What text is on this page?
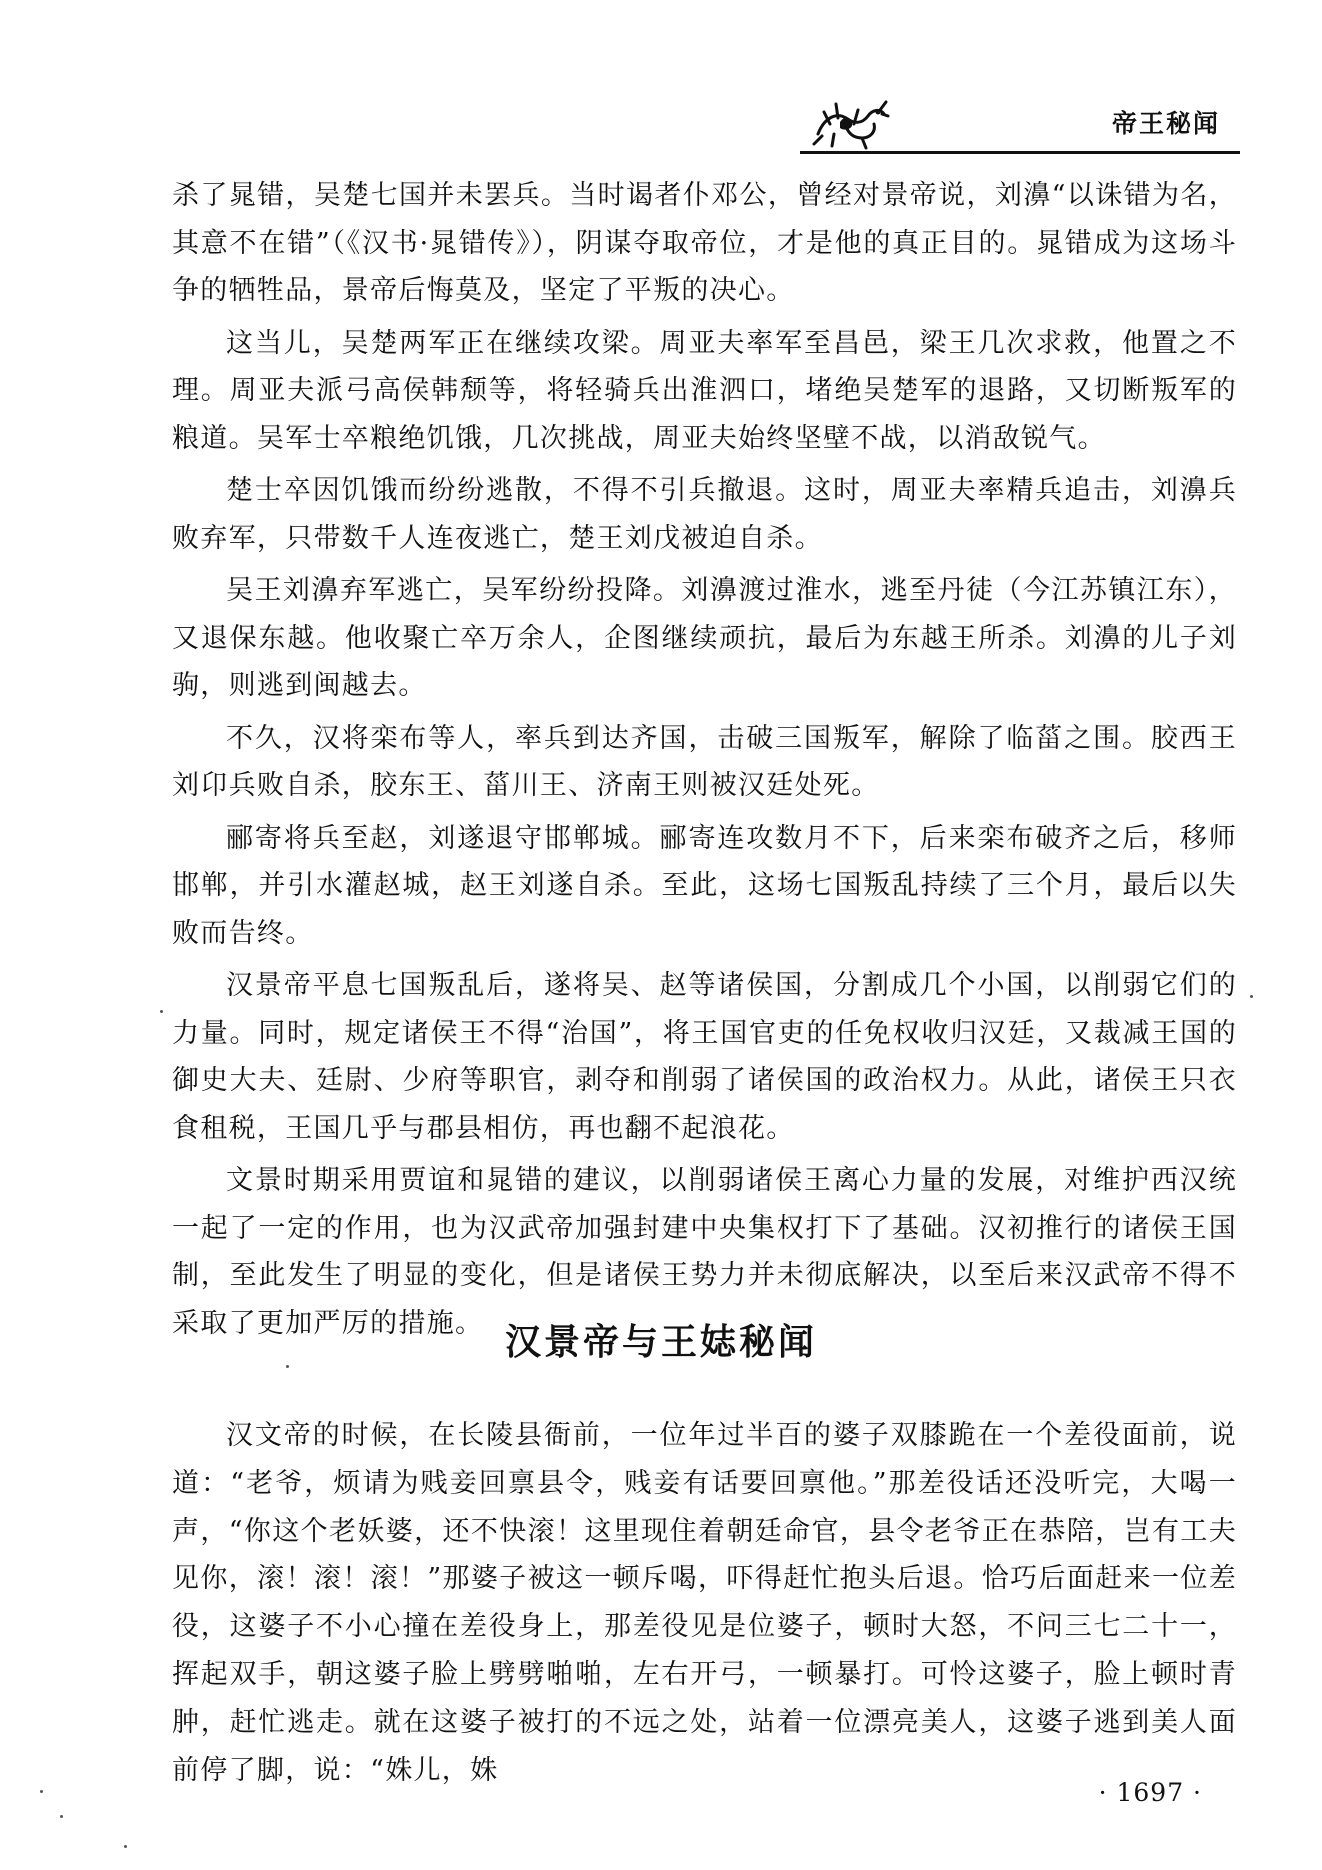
帝王秘闻

杀了晁错，吴楚七国并未罢兵。当时谒者仆邓公，曾经对景帝说，刘濞“以诛错为名，其意不在错”（《汉书·晁错传》），阴谋夺取帝位，才是他的真正目的。晁错成为这场斗争的牺牲品，景帝后悔莫及，坚定了平叛的决心。

这当儿，吴楚两军正在继续攻梁。周亚夫率军至昌邑，梁王几次求救，他置之不理。周亚夫派弓高侯韩颓等，将轻骑兵出淮泗口，堵绝吴楚军的退路，又切断叛军的粮道。吴军士卒粮绝饥饿，几次挑战，周亚夫始终坚壁不战，以消敌锐气。

楚士卒因饥饿而纷纷逃散，不得不引兵撤退。这时，周亚夫率精兵追击，刘濞兵败弃军，只带数千人连夜逃亡，楚王刘戊被迫自杀。

吴王刘濞弃军逃亡，吴军纷纷投降。刘濞渡过淮水，逃至丹徒（今江苏镇江东），又退保东越。他收聚亡卒万余人，企图继续顽抗，最后为东越王所杀。刘濞的儿子刘驹，则逃到闽越去。

不久，汉将栾布等人，率兵到达齐国，击破三国叛军，解除了临菑之围。胶西王刘卬兵败自杀，胶东王、菑川王、济南王则被汉廷处死。

郦寄将兵至赵，刘遂退守邯郸城。郦寄连攻数月不下，后来栾布破齐之后，移师邯郸，并引水灌赵城，赵王刘遂自杀。至此，这场七国叛乱持续了三个月，最后以失败而告终。

汉景帝平息七国叛乱后，遂将吴、赵等诸侯国，分割成几个小国，以削弱它们的力量。同时，规定诸侯王不得“治国”，将王国官吏的任免权收归汉廷，又裁减王国的御史大夫、廷尉、少府等职官，剥夺和削弱了诸侯国的政治权力。从此，诸侯王只衣食租税，王国几乎与郡县相仿，再也翻不起浪花。

文景时期采用贾谊和晁错的建议，以削弱诸侯王离心力量的发展，对维护西汉统一起了一定的作用，也为汉武帝加强封建中央集权打下了基础。汉初推行的诸侯王国制，至此发生了明显的变化，但是诸侯王势力并未彻底解决，以至后来汉武帝不得不采取了更加严厉的措施。 汉景帝与王娡秘闻

汉文帝的时候，在长陵县衙前，一位年过半百的婆子双膝跪在一个差役面前，说道：“老爷，烦请为贱妾回禀县令，贱妾有话要回禀他。”那差役话还没听完，大喝一声，“你这个老妖婆，还不快滚！这里现住着朝廷命官，县令老爷正在恭陪，岂有工夫见你，滚！滚！滚！”那婆子被这一顿斥喝，吓得赶忙抱头后退。恰巧后面赶来一位差役，这婆子不小心撞在差役身上，那差役见是位婆子，顿时大怒，不问三七二十一，挥起双手，朝这婆子脸上劈劈啪啪，左右开弓，一顿暴打。可怜这婆子，脸上顿时青肿，赶忙逃走。就在这婆子被打的不远之处，站着一位漂亮美人，这婆子逃到美人面前停了脚，说：“姝儿，姝

· 1697 ·
